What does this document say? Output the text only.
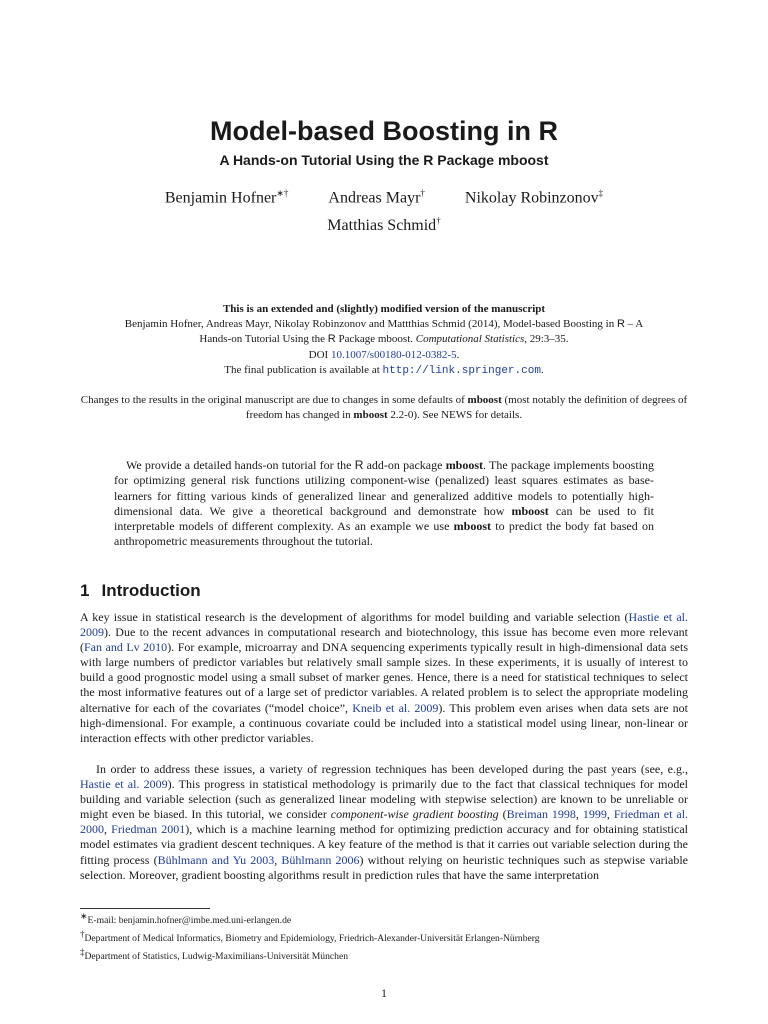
Model-based Boosting in R
A Hands-on Tutorial Using the R Package mboost
Benjamin Hofner∗†	Andreas Mayr†	Nikolay Robinzonov‡
Matthias Schmid†
This is an extended and (slightly) modified version of the manuscript
Benjamin Hofner, Andreas Mayr, Nikolay Robinzonov and Mattthias Schmid (2014), Model-based Boosting in R – A
Hands-on Tutorial Using the R Package mboost. Computational Statistics, 29:3–35.
DOI 10.1007/s00180-012-0382-5.
The final publication is available at http://link.springer.com.
Changes to the results in the original manuscript are due to changes in some defaults of mboost (most notably the definition of degrees of freedom has changed in mboost 2.2-0). See NEWS for details.
We provide a detailed hands-on tutorial for the R add-on package mboost. The package implements boosting for optimizing general risk functions utilizing component-wise (penalized) least squares estimates as base-learners for fitting various kinds of generalized linear and generalized additive models to potentially high-dimensional data. We give a theoretical background and demonstrate how mboost can be used to fit interpretable models of different complexity. As an example we use mboost to predict the body fat based on anthropometric measurements throughout the tutorial.
1 Introduction
A key issue in statistical research is the development of algorithms for model building and variable selection (Hastie et al. 2009). Due to the recent advances in computational research and biotechnology, this issue has become even more relevant (Fan and Lv 2010). For example, microarray and DNA sequencing experiments typically result in high-dimensional data sets with large numbers of predictor variables but relatively small sample sizes. In these experiments, it is usually of interest to build a good prognostic model using a small subset of marker genes. Hence, there is a need for statistical techniques to select the most informative features out of a large set of predictor variables. A related problem is to select the appropriate modeling alternative for each of the covariates (“model choice”, Kneib et al. 2009). This problem even arises when data sets are not high-dimensional. For example, a continuous covariate could be included into a statistical model using linear, non-linear or interaction effects with other predictor variables.
In order to address these issues, a variety of regression techniques has been developed during the past years (see, e.g., Hastie et al. 2009). This progress in statistical methodology is primarily due to the fact that classical techniques for model building and variable selection (such as generalized linear modeling with stepwise selection) are known to be unreliable or might even be biased. In this tutorial, we consider component-wise gradient boosting (Breiman 1998, 1999, Friedman et al. 2000, Friedman 2001), which is a machine learning method for optimizing prediction accuracy and for obtaining statistical model estimates via gradient descent techniques. A key feature of the method is that it carries out variable selection during the fitting process (Bühlmann and Yu 2003, Bühlmann 2006) without relying on heuristic techniques such as stepwise variable selection. Moreover, gradient boosting algorithms result in prediction rules that have the same interpretation
∗E-mail: benjamin.hofner@imbe.med.uni-erlangen.de
†Department of Medical Informatics, Biometry and Epidemiology, Friedrich-Alexander-Universität Erlangen-Nürnberg
‡Department of Statistics, Ludwig-Maximilians-Universität München
1
